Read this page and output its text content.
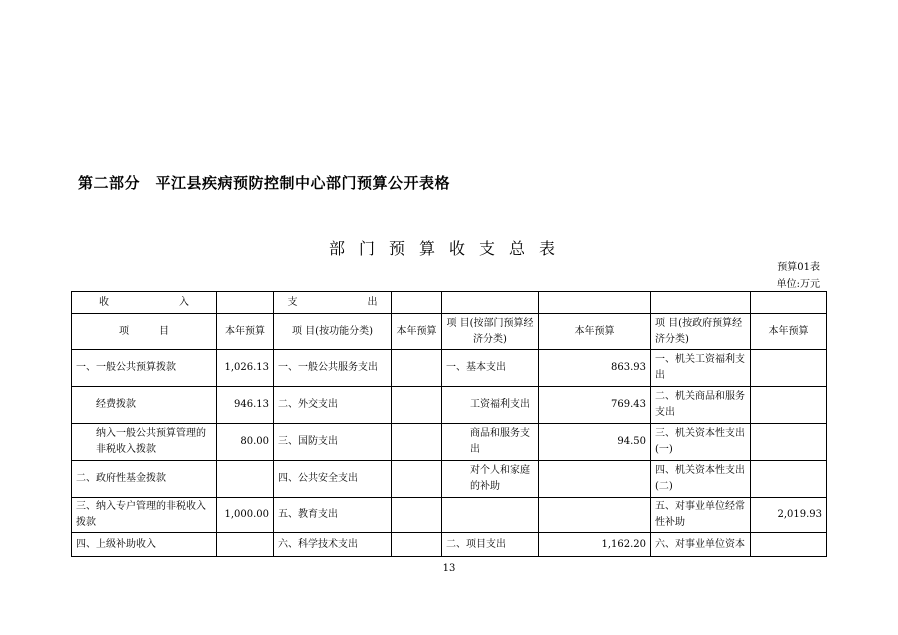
第二部分　平江县疾病预防控制中心部门预算公开表格
部门预算收支总表
预算01表
单位:万元
收　　　　　　　入		支　　　　　　　出					
项　　　目	本年预算	项 目(按功能分类)	本年预算	项 目(按部门预算经济分类)	本年预算	项 目(按政府预算经济分类)	本年预算
一、一般公共预算拨款	1,026.13	一、一般公共服务支出		一、基本支出	863.93	一、机关工资福利支出	
经费拨款	946.13	二、外交支出		工资福利支出	769.43	二、机关商品和服务支出	
纳入一般公共预算管理的非税收入拨款	80.00	三、国防支出		商品和服务支出	94.50	三、机关资本性支出(一)	
二、政府性基金拨款		四、公共安全支出		对个人和家庭的补助		四、机关资本性支出(二)	
三、纳入专户管理的非税收入拨款	1,000.00	五、教育支出				五、对事业单位经常性补助	2,019.93
四、上级补助收入		六、科学技术支出		二、项目支出	1,162.20	六、对事业单位资本	
13
